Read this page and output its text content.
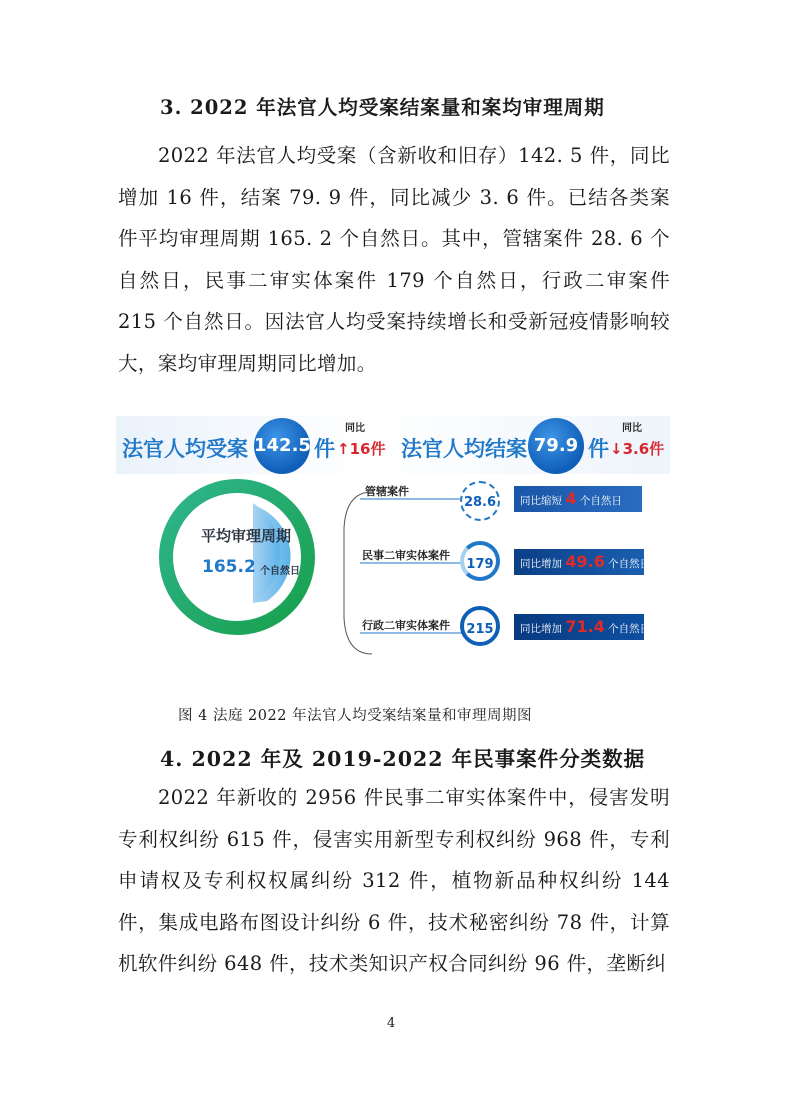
3. 2022 年法官人均受案结案量和案均审理周期

2022 年法官人均受案（含新收和旧存）142. 5 件，同比增加 16 件，结案 79. 9 件，同比减少 3. 6 件。已结各类案件平均审理周期 165. 2 个自然日。其中，管辖案件 28. 6 个自然日，民事二审实体案件 179 个自然日，行政二审案件 215 个自然日。因法官人均受案持续增长和受新冠疫情影响较大，案均审理周期同比增加。

法官人均受案 142.5 件
同比
↑16件 法官人均结案 79.9 件
同比
↓3.6件
平均审理周期
165.2 个自然日
管辖案件
28.6	同比缩短 4 个自然日
民事二审实体案件
179	同比增加 49.6 个自然日
行政二审实体案件	215	同比增加 71.4 个自然日
图 4 法庭 2022 年法官人均受案结案量和审理周期图
4. 2022 年及 2019-2022 年民事案件分类数据

2022 年新收的 2956 件民事二审实体案件中，侵害发明专利权纠纷 615 件，侵害实用新型专利权纠纷 968 件，专利申请权及专利权权属纠纷 312 件，植物新品种权纠纷 144 件，集成电路布图设计纠纷 6 件，技术秘密纠纷 78 件，计算机软件纠纷 648 件，技术类知识产权合同纠纷 96 件，垄断纠

4
